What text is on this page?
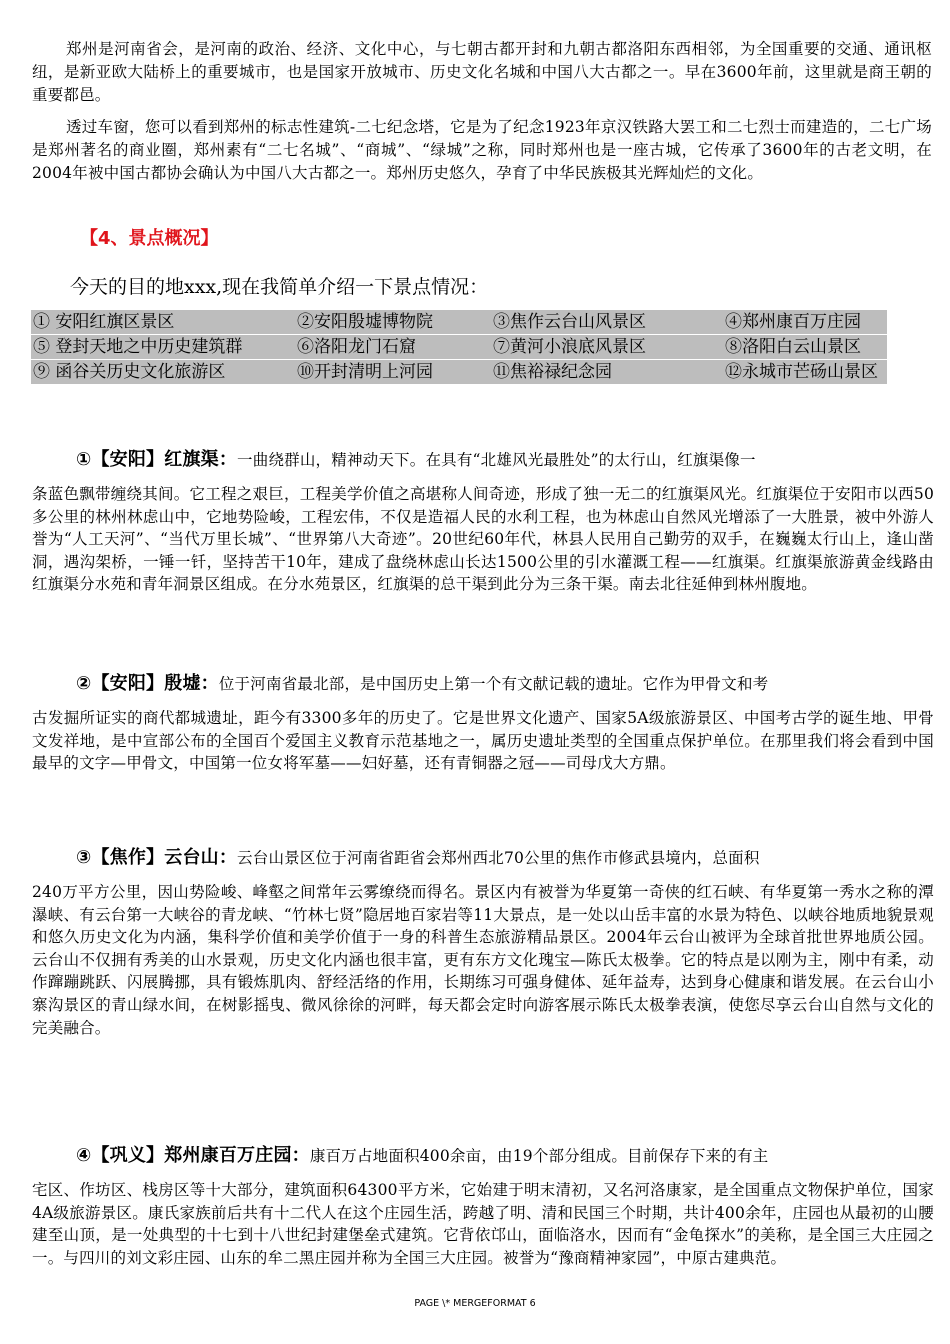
郑州是河南省会，是河南的政治、经济、文化中心，与七朝古都开封和九朝古都洛阳东西相邻，为全国重要的交通、通讯枢纽，是新亚欧大陆桥上的重要城市，也是国家开放城市、历史文化名城和中国八大古都之一。早在3600年前，这里就是商王朝的重要都邑。

透过车窗，您可以看到郑州的标志性建筑-二七纪念塔，它是为了纪念1923年京汉铁路大罢工和二七烈士而建造的，二七广场是郑州著名的商业圈，郑州素有“二七名城”、“商城”、“绿城”之称，同时郑州也是一座古城，它传承了3600年的古老文明，在2004年被中国古都协会确认为中国八大古都之一。郑州历史悠久，孕育了中华民族极其光辉灿烂的文化。

【4、景点概况】
今天的目的地xxx,现在我简单介绍一下景点情况：
① 安阳红旗区景区	②安阳殷墟博物院	③焦作云台山风景区	④郑州康百万庄园
⑤ 登封天地之中历史建筑群	⑥洛阳龙门石窟	⑦黄河小浪底风景区	⑧洛阳白云山景区
⑨ 函谷关历史文化旅游区	⑩开封清明上河园	⑪焦裕禄纪念园	⑫永城市芒砀山景区

①【安阳】红旗渠：一曲绕群山，精神动天下。在具有“北雄风光最胜处”的太行山，红旗渠像一

条蓝色飘带缠绕其间。它工程之艰巨，工程美学价值之高堪称人间奇迹，形成了独一无二的红旗渠风光。红旗渠位于安阳市以西50多公里的林州林虑山中，它地势险峻，工程宏伟，不仅是造福人民的水利工程，也为林虑山自然风光增添了一大胜景，被中外游人誉为“人工天河”、“当代万里长城”、“世界第八大奇迹”。20世纪60年代，林县人民用自己勤劳的双手，在巍巍太行山上，逢山凿洞，遇沟架桥，一锤一钎，坚持苦干10年，建成了盘绕林虑山长达1500公里的引水灌溉工程——红旗渠。红旗渠旅游黄金线路由红旗渠分水苑和青年洞景区组成。在分水苑景区，红旗渠的总干渠到此分为三条干渠。南去北往延伸到林州腹地。

②【安阳】殷墟：位于河南省最北部，是中国历史上第一个有文献记载的遗址。它作为甲骨文和考

古发掘所证实的商代都城遗址，距今有3300多年的历史了。它是世界文化遗产、国家5A级旅游景区、中国考古学的诞生地、甲骨文发祥地，是中宣部公布的全国百个爱国主义教育示范基地之一，属历史遗址类型的全国重点保护单位。在那里我们将会看到中国最早的文字—甲骨文，中国第一位女将军墓——妇好墓，还有青铜器之冠——司母戊大方鼎。

③【焦作】云台山：云台山景区位于河南省距省会郑州西北70公里的焦作市修武县境内，总面积

240万平方公里，因山势险峻、峰壑之间常年云雾缭绕而得名。景区内有被誉为华夏第一奇侠的红石峡、有华夏第一秀水之称的潭瀑峡、有云台第一大峡谷的青龙峡、“竹林七贤”隐居地百家岩等11大景点，是一处以山岳丰富的水景为特色、以峡谷地质地貌景观和悠久历史文化为内涵，集科学价值和美学价值于一身的科普生态旅游精品景区。2004年云台山被评为全球首批世界地质公园。云台山不仅拥有秀美的山水景观，历史文化内涵也很丰富，更有东方文化瑰宝—陈氏太极拳。它的特点是以刚为主，刚中有柔，动作蹿蹦跳跃、闪展腾挪，具有锻炼肌肉、舒经活络的作用，长期练习可强身健体、延年益寿，达到身心健康和谐发展。在云台山小寨沟景区的青山绿水间，在树影摇曳、微风徐徐的河畔，每天都会定时向游客展示陈氏太极拳表演，使您尽享云台山自然与文化的完美融合。

④【巩义】郑州康百万庄园：康百万占地面积400余亩，由19个部分组成。目前保存下来的有主

宅区、作坊区、栈房区等十大部分，建筑面积64300平方米，它始建于明末清初，又名河洛康家，是全国重点文物保护单位，国家4A级旅游景区。康氏家族前后共有十二代人在这个庄园生活，跨越了明、清和民国三个时期，共计400余年，庄园也从最初的山腰建至山顶，是一处典型的十七到十八世纪封建堡垒式建筑。它背依邙山，面临洛水，因而有“金龟探水”的美称，是全国三大庄园之一。与四川的刘文彩庄园、山东的牟二黑庄园并称为全国三大庄园。被誉为“豫商精神家园”，中原古建典范。

PAGE \* MERGEFORMAT 6
